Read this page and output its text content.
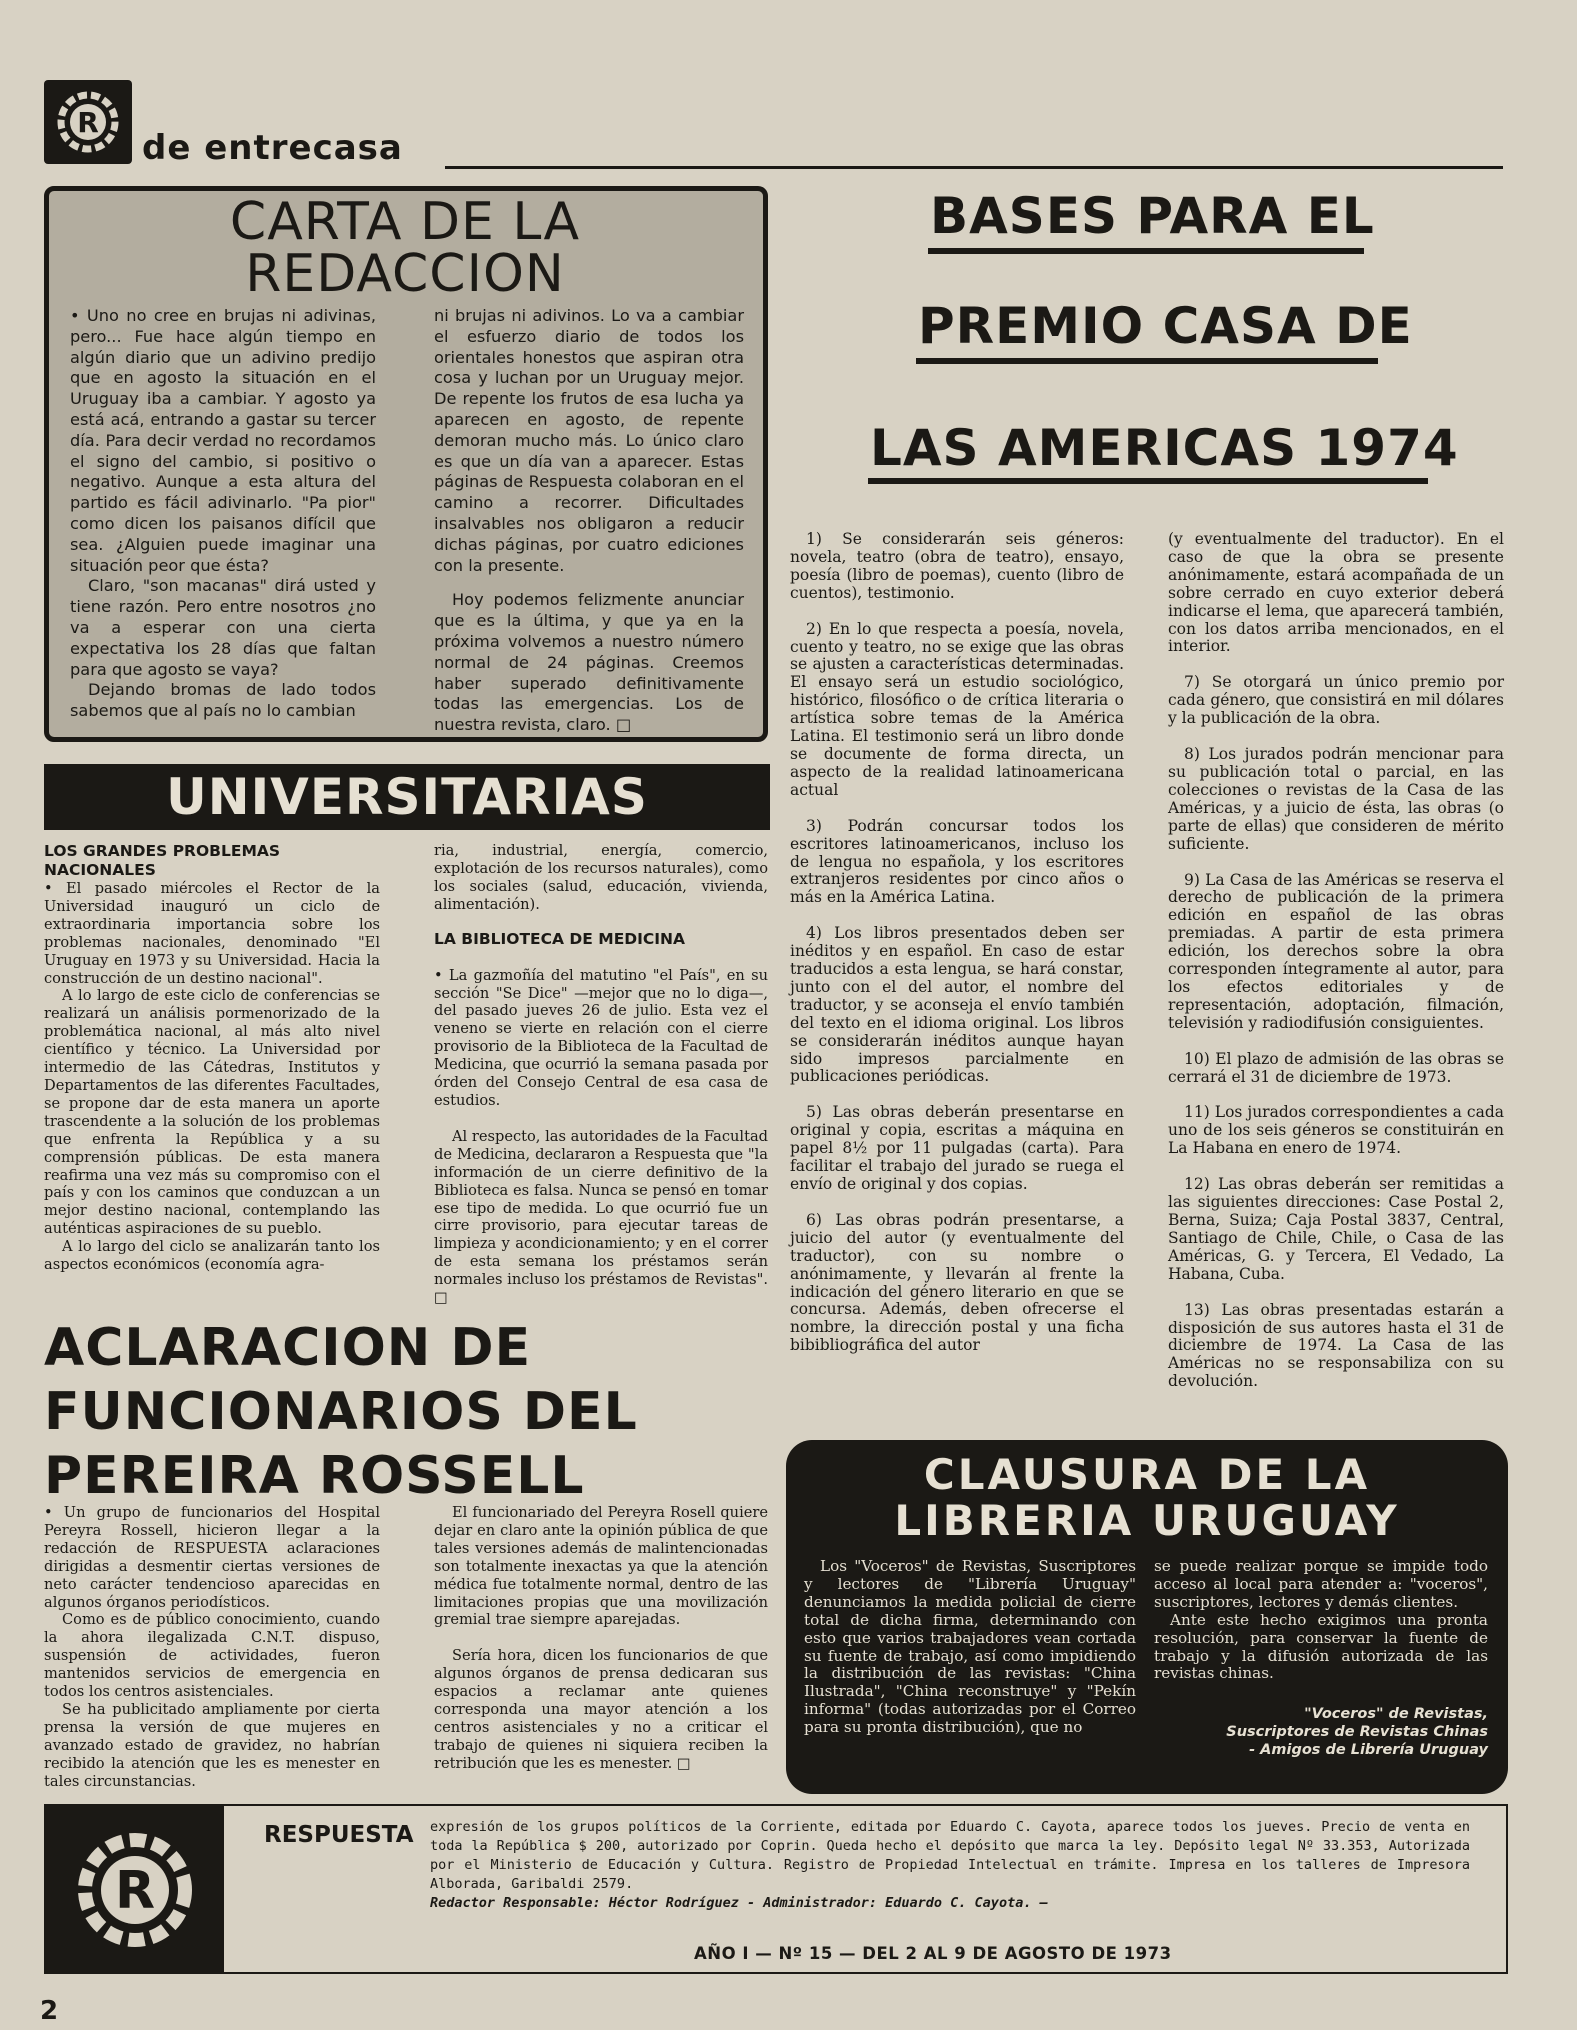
R
de entrecasa
CARTA DE LA
REDACCION

• Uno no cree en brujas ni adivinas, pero... Fue hace algún tiempo en algún diario que un adivino predijo que en agosto la situación en el Uruguay iba a cambiar. Y agosto ya está acá, entrando a gastar su tercer día. Para decir verdad no recordamos el signo del cambio, si positivo o negativo. Aunque a esta altura del partido es fácil adivinarlo. "Pa pior" como dicen los paisanos difícil que sea. ¿Alguien puede imaginar una situación peor que ésta?

Claro, "son macanas" dirá usted y tiene razón. Pero entre nosotros ¿no va a esperar con una cierta expectativa los 28 días que faltan para que agosto se vaya?

Dejando bromas de lado todos sabemos que al país no lo cambian

ni brujas ni adivinos. Lo va a cambiar el esfuerzo diario de todos los orientales honestos que aspiran otra cosa y luchan por un Uruguay mejor. De repente los frutos de esa lucha ya aparecen en agosto, de repente demoran mucho más. Lo único claro es que un día van a aparecer. Estas páginas de Respuesta colaboran en el camino a recorrer. Dificultades insalvables nos obligaron a reducir dichas páginas, por cuatro ediciones con la presente.

Hoy podemos felizmente anunciar que es la última, y que ya en la próxima volvemos a nuestro número normal de 24 páginas. Creemos haber superado definitivamente todas las emergencias. Los de nuestra revista, claro. □

BASES PARA EL
PREMIO CASA DE
LAS AMERICAS 1974

1) Se considerarán seis géneros: novela, teatro (obra de teatro), ensayo, poesía (libro de poemas), cuento (libro de cuentos), testimonio.

2) En lo que respecta a poesía, novela, cuento y teatro, no se exige que las obras se ajusten a características determinadas. El ensayo será un estudio sociológico, histórico, filosófico o de crítica literaria o artística sobre temas de la América Latina. El testimonio será un libro donde se documente de forma directa, un aspecto de la realidad latinoamericana actual

3) Podrán concursar todos los escritores latinoamericanos, incluso los de lengua no española, y los escritores extranjeros residentes por cinco años o más en la América Latina.

4) Los libros presentados deben ser inéditos y en español. En caso de estar traducidos a esta lengua, se hará constar, junto con el del autor, el nombre del traductor, y se aconseja el envío también del texto en el idioma original. Los libros se considerarán inéditos aunque hayan sido impresos parcialmente en publicaciones periódicas.

5) Las obras deberán presentarse en original y copia, escritas a máquina en papel 8½ por 11 pulgadas (carta). Para facilitar el trabajo del jurado se ruega el envío de original y dos copias.

6) Las obras podrán presentarse, a juicio del autor (y eventualmente del traductor), con su nombre o anónimamente, y llevarán al frente la indicación del género literario en que se concursa. Además, deben ofrecerse el nombre, la dirección postal y una ficha bibibliográfica del autor

(y eventualmente del traductor). En el caso de que la obra se presente anónimamente, estará acompañada de un sobre cerrado en cuyo exterior deberá indicarse el lema, que aparecerá también, con los datos arriba mencionados, en el interior.

7) Se otorgará un único premio por cada género, que consistirá en mil dólares y la publicación de la obra.

8) Los jurados podrán mencionar para su publicación total o parcial, en las colecciones o revistas de la Casa de las Américas, y a juicio de ésta, las obras (o parte de ellas) que consideren de mérito suficiente.

9) La Casa de las Américas se reserva el derecho de publicación de la primera edición en español de las obras premiadas. A partir de esta primera edición, los derechos sobre la obra corresponden íntegramente al autor, para los efectos editoriales y de representación, adoptación, filmación, televisión y radiodifusión consiguientes.

10) El plazo de admisión de las obras se cerrará el 31 de diciembre de 1973.

11) Los jurados correspondientes a cada uno de los seis géneros se constituirán en La Habana en enero de 1974.

12) Las obras deberán ser remitidas a las siguientes direcciones: Case Postal 2, Berna, Suiza; Caja Postal 3837, Central, Santiago de Chile, Chile, o Casa de las Américas, G. y Tercera, El Vedado, La Habana, Cuba.

13) Las obras presentadas estarán a disposición de sus autores hasta el 31 de diciembre de 1974. La Casa de las Américas no se responsabiliza con su devolución.

UNIVERSITARIAS
LOS GRANDES PROBLEMAS
NACIONALES

• El pasado miércoles el Rector de la Universidad inauguró un ciclo de extraordinaria importancia sobre los problemas nacionales, denominado "El Uruguay en 1973 y su Universidad. Hacia la construcción de un destino nacional".

A lo largo de este ciclo de conferencias se realizará un análisis pormenorizado de la problemática nacional, al más alto nivel científico y técnico. La Universidad por intermedio de las Cátedras, Institutos y Departamentos de las diferentes Facultades, se propone dar de esta manera un aporte trascendente a la solución de los problemas que enfrenta la República y a su comprensión públicas. De esta manera reafirma una vez más su compromiso con el país y con los caminos que conduzcan a un mejor destino nacional, contemplando las auténticas aspiraciones de su pueblo.

A lo largo del ciclo se analizarán tanto los aspectos económicos (economía agra-

ria, industrial, energía, comercio, explotación de los recursos naturales), como los sociales (salud, educación, vivienda, alimentación).

LA BIBLIOTECA DE MEDICINA

• La gazmoñía del matutino "el País", en su sección "Se Dice" —mejor que no lo diga—, del pasado jueves 26 de julio. Esta vez el veneno se vierte en relación con el cierre provisorio de la Biblioteca de la Facultad de Medicina, que ocurrió la semana pasada por órden del Consejo Central de esa casa de estudios.

Al respecto, las autoridades de la Facultad de Medicina, declararon a Respuesta que "la información de un cierre definitivo de la Biblioteca es falsa. Nunca se pensó en tomar ese tipo de medida. Lo que ocurrió fue un cirre provisorio, para ejecutar tareas de limpieza y acondicionamiento; y en el correr de esta semana los préstamos serán normales incluso los préstamos de Revistas". □

ACLARACION DE
FUNCIONARIOS DEL
PEREIRA ROSSELL

• Un grupo de funcionarios del Hospital Pereyra Rossell, hicieron llegar a la redacción de RESPUESTA aclaraciones dirigidas a desmentir ciertas versiones de neto carácter tendencioso aparecidas en algunos órganos periodísticos.

Como es de público conocimiento, cuando la ahora ilegalizada C.N.T. dispuso, suspensión de actividades, fueron mantenidos servicios de emergencia en todos los centros asistenciales.

Se ha publicitado ampliamente por cierta prensa la versión de que mujeres en avanzado estado de gravidez, no habrían recibido la atención que les es menester en tales circunstancias.

El funcionariado del Pereyra Rosell quiere dejar en claro ante la opinión pública de que tales versiones además de malintencionadas son totalmente inexactas ya que la atención médica fue totalmente normal, dentro de las limitaciones propias que una movilización gremial trae siempre aparejadas.

Sería hora, dicen los funcionarios de que algunos órganos de prensa dedicaran sus espacios a reclamar ante quienes corresponda una mayor atención a los centros asistenciales y no a criticar el trabajo de quienes ni siquiera reciben la retribución que les es menester. □

CLAUSURA DE LA
LIBRERIA URUGUAY

Los "Voceros" de Revistas, Suscriptores y lectores de "Librería Uruguay" denunciamos la medida policial de cierre total de dicha firma, determinando con esto que varios trabajadores vean cortada su fuente de trabajo, así como impidiendo la distribución de las revistas: "China Ilustrada", "China reconstruye" y "Pekín informa" (todas autorizadas por el Correo para su pronta distribución), que no

se puede realizar porque se impide todo acceso al local para atender a: "voceros", suscriptores, lectores y demás clientes.

Ante este hecho exigimos una pronta resolución, para conservar la fuente de trabajo y la difusión autorizada de las revistas chinas.

"Voceros" de Revistas,
Suscriptores de Revistas Chinas
- Amigos de Librería Uruguay
R
RESPUESTA expresión de los grupos políticos de la Corriente, editada por Eduardo C. Cayota, aparece todos los jueves. Precio de venta en toda la República $ 200, autorizado por Coprin. Queda hecho el depósito que marca la ley. Depósito legal Nº 33.353, Autorizada por el Ministerio de Educación y Cultura. Registro de Propiedad Intelectual en trámite. Impresa en los talleres de Impresora Alborada, Garibaldi 2579.
Redactor Responsable: Héctor Rodríguez - Administrador: Eduardo C. Cayota. —
AÑO I — Nº 15 — DEL 2 AL 9 DE AGOSTO DE 1973
2
